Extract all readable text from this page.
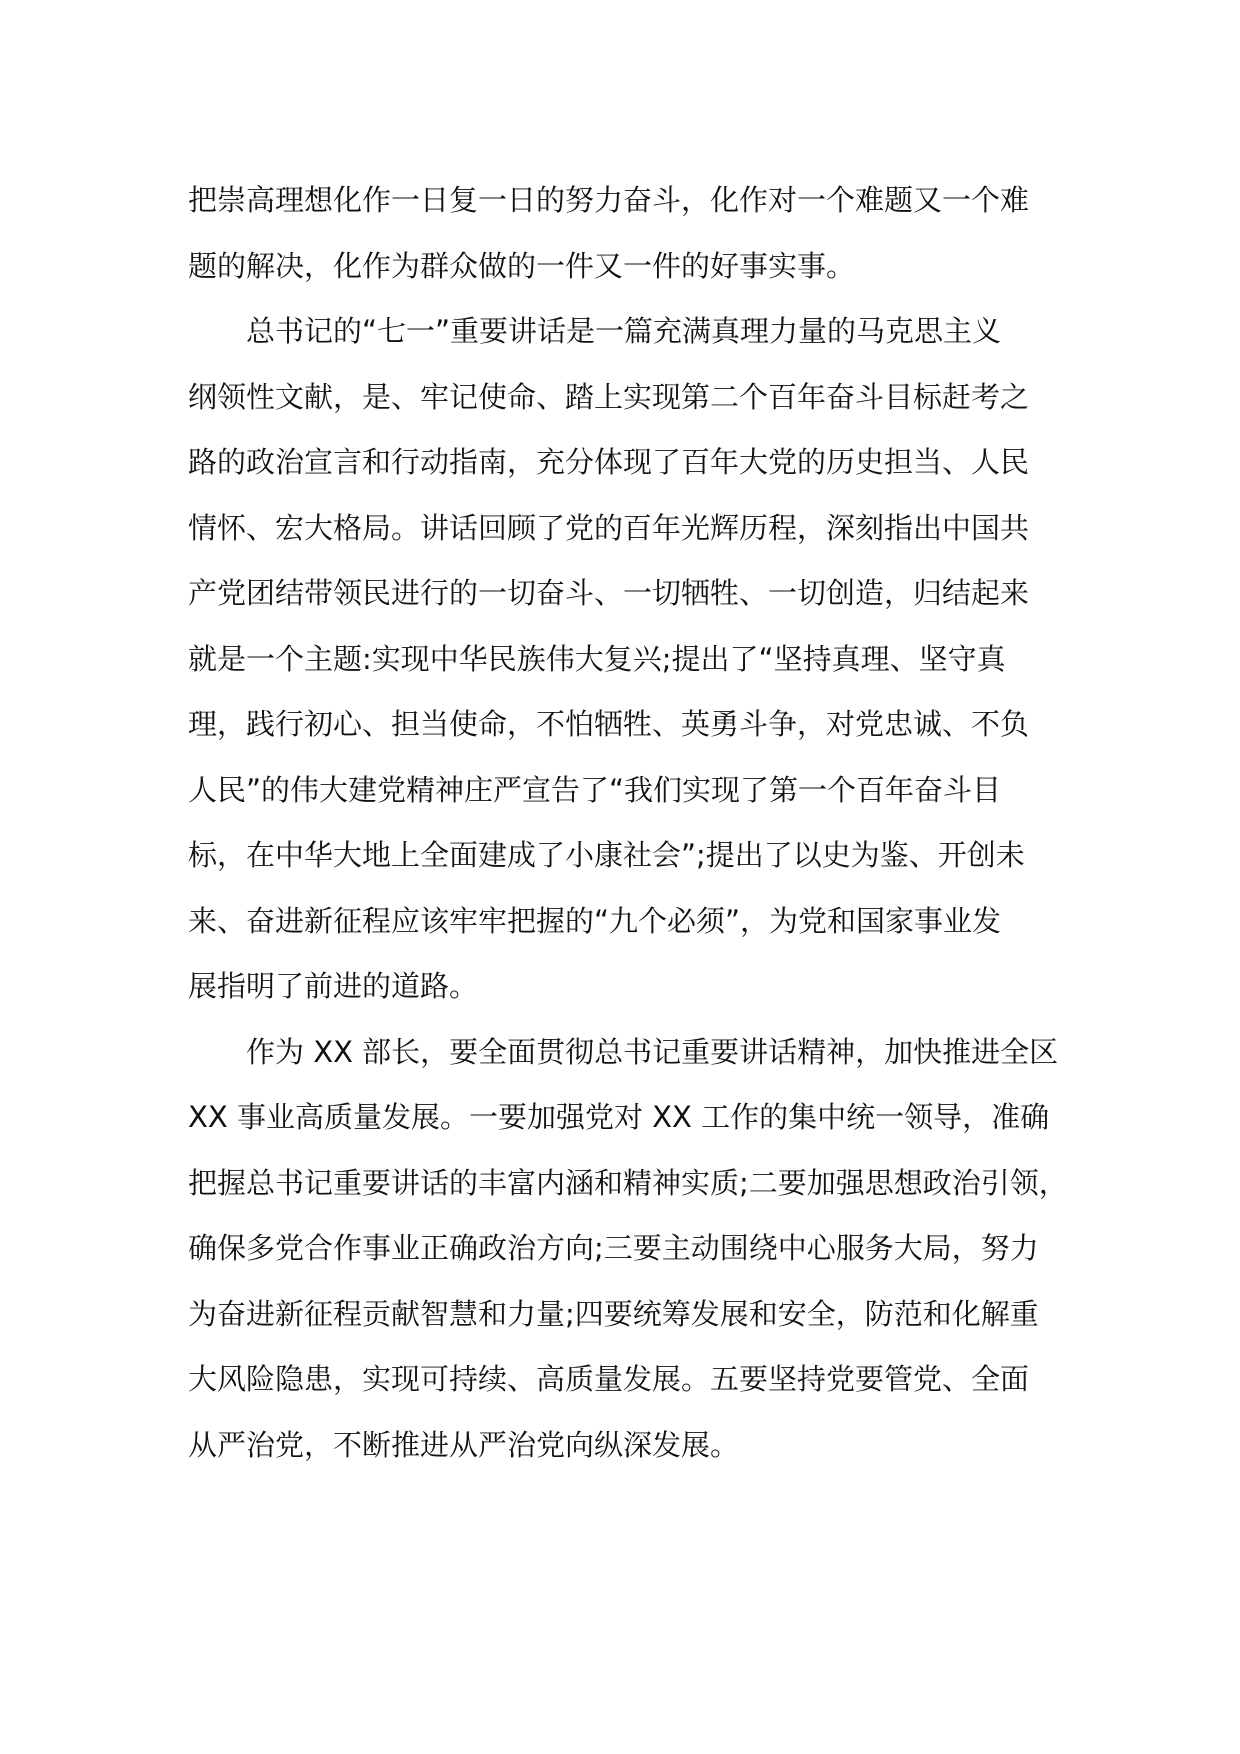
把崇高理想化作一日复一日的努力奋斗，化作对一个难题又一个难
题的解决，化作为群众做的一件又一件的好事实事。
　　总书记的“七一”重要讲话是一篇充满真理力量的马克思主义
纲领性文献，是、牢记使命、踏上实现第二个百年奋斗目标赶考之
路的政治宣言和行动指南，充分体现了百年大党的历史担当、人民
情怀、宏大格局。讲话回顾了党的百年光辉历程，深刻指出中国共
产党团结带领民进行的一切奋斗、一切牺牲、一切创造，归结起来
就是一个主题:实现中华民族伟大复兴;提出了“坚持真理、坚守真
理，践行初心、担当使命，不怕牺牲、英勇斗争，对党忠诚、不负
人民”的伟大建党精神庄严宣告了“我们实现了第一个百年奋斗目
标，在中华大地上全面建成了小康社会”;提出了以史为鉴、开创未
来、奋进新征程应该牢牢把握的“九个必须”，为党和国家事业发
展指明了前进的道路。
　　作为 XX 部长，要全面贯彻总书记重要讲话精神，加快推进全区
XX 事业高质量发展。一要加强党对 XX 工作的集中统一领导，准确
把握总书记重要讲话的丰富内涵和精神实质;二要加强思想政治引领，
确保多党合作事业正确政治方向;三要主动围绕中心服务大局，努力
为奋进新征程贡献智慧和力量;四要统筹发展和安全，防范和化解重
大风险隐患，实现可持续、高质量发展。五要坚持党要管党、全面
从严治党，不断推进从严治党向纵深发展。
